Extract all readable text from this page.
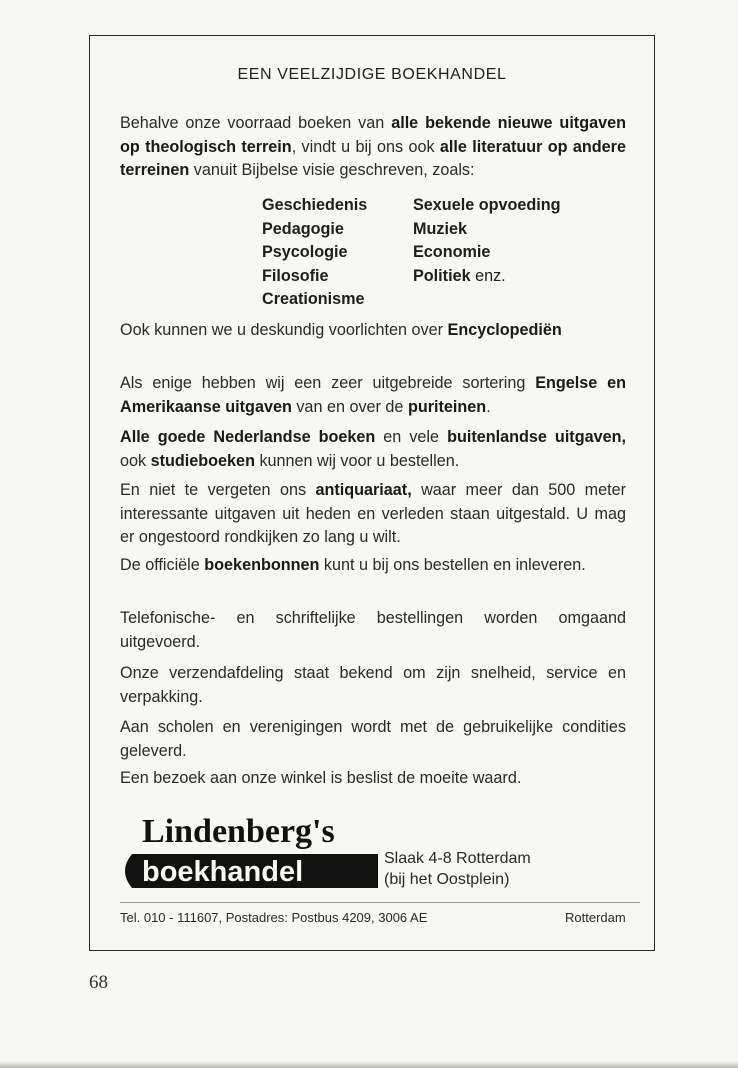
EEN VEELZIJDIGE BOEKHANDEL
Behalve onze voorraad boeken van alle bekende nieuwe uitgaven op theologisch terrein, vindt u bij ons ook alle literatuur op andere terreinen vanuit Bijbelse visie geschreven, zoals:
Geschiedenis
Pedagogie
Psycologie
Filosofie
Creationisme
Sexuele opvoeding
Muziek
Economie
Politiek enz.
Ook kunnen we u deskundig voorlichten over Encyclopediën
Als enige hebben wij een zeer uitgebreide sortering Engelse en Amerikaanse uitgaven van en over de puriteinen.
Alle goede Nederlandse boeken en vele buitenlandse uitgaven, ook studieboeken kunnen wij voor u bestellen.
En niet te vergeten ons antiquariaat, waar meer dan 500 meter interessante uitgaven uit heden en verleden staan uitgestald. U mag er ongestoord rondkijken zo lang u wilt.
De officiële boekenbonnen kunt u bij ons bestellen en inleveren.
Telefonische- en schriftelijke bestellingen worden omgaand uitgevoerd.
Onze verzendafdeling staat bekend om zijn snelheid, service en verpakking.
Aan scholen en verenigingen wordt met de gebruikelijke condities geleverd.
Een bezoek aan onze winkel is beslist de moeite waard.
Lindenberg's
boekhandel	Slaak 4-8 Rotterdam
(bij het Oostplein)
Tel. 010 - 111607, Postadres: Postbus 4209, 3006 AE	Rotterdam
68
